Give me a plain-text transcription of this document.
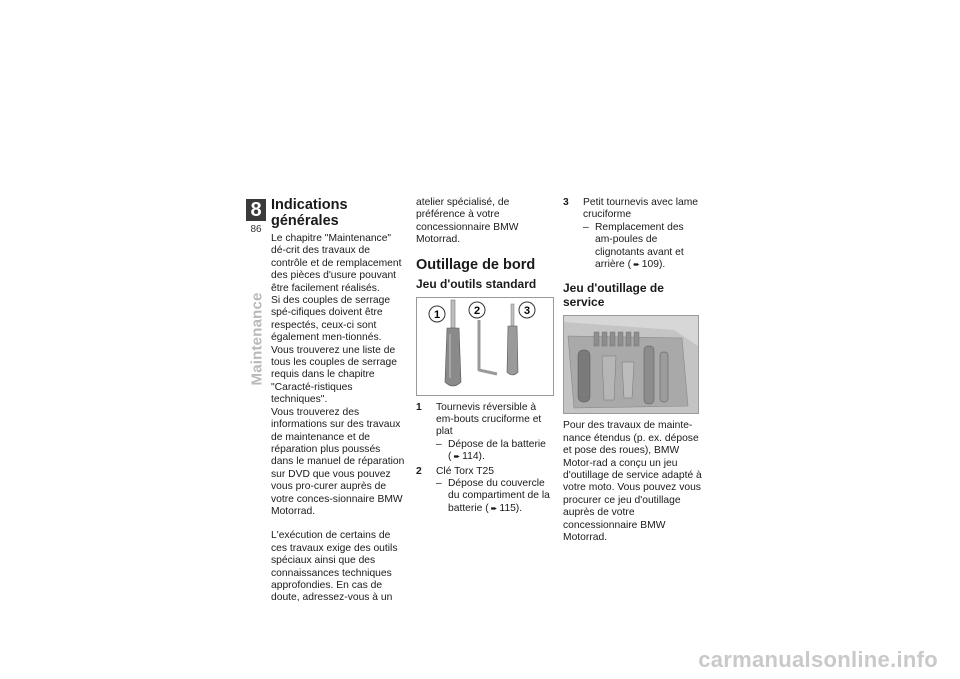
8
86
Maintenance
Indications générales

Le chapitre "Maintenance" dé-crit des travaux de contrôle et de remplacement des pièces d'usure pouvant être facilement réalisés.

Si des couples de serrage spé-cifiques doivent être respectés, ceux-ci sont également men-tionnés. Vous trouverez une liste de tous les couples de serrage requis dans le chapitre "Caracté-ristiques techniques".

Vous trouverez des informations sur des travaux de maintenance et de réparation plus poussés dans le manuel de réparation sur DVD que vous pouvez vous pro-curer auprès de votre conces-sionnaire BMW Motorrad.

L'exécution de certains de ces travaux exige des outils spéciaux ainsi que des connaissances techniques approfondies. En cas de doute, adressez-vous à un

atelier spécialisé, de préférence à votre concessionnaire BMW Motorrad.

Outillage de bord
Jeu d'outils standard
1	2	3
1	Tournevis réversible à em-bouts cruciforme et plat
– Dépose de la batterie
( ➨ 114).
2	Clé Torx T25
– Dépose du couvercle du compartiment de la batterie ( ➨ 115).
3	Petit tournevis avec lame cruciforme
– Remplacement des am-poules de clignotants avant et arrière ( ➨ 109).
Jeu d'outillage de service

Pour des travaux de mainte-nance étendus (p. ex. dépose et pose des roues), BMW Motor-rad a conçu un jeu d'outillage de service adapté à votre moto. Vous pouvez vous procurer ce jeu d'outillage auprès de votre concessionnaire BMW Motorrad.

carmanualsonline.info
